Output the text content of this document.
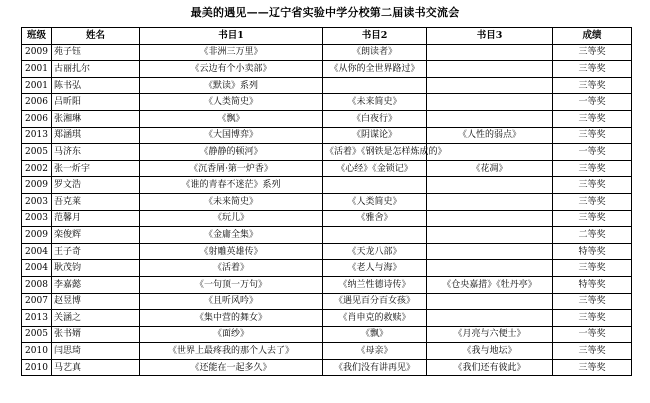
最美的遇见——辽宁省实验中学分校第二届读书交流会
班级	姓名	书目1	书目2	书目3	成绩
2009	苑子钰	《非洲三万里》	《朗读者》		三等奖
2001	古丽扎尔	《云边有个小卖部》	《从你的全世界路过》		三等奖
2001	陈书弘	《默读》系列			三等奖
2006	吕昕阳	《人类简史》	《未来简史》		一等奖
2006	张湘琳	《飘》	《白夜行》		三等奖
2013	郑涵琪	《大国博弈》	《阴谋论》	《人性的弱点》	三等奖
2005	马济东	《静静的顿河》	《活着》《钢铁是怎样炼成的》		一等奖
2002	张一炘宇	《沉香屑·第一炉香》	《心经》《金锁记》	《花凋》	三等奖
2009	罗文浩	《谁的青春不迷茫》系列			三等奖
2003	吾克莱	《未来简史》	《人类简史》		三等奖
2003	范馨月	《玩儿》	《雅舍》		三等奖
2009	栾俊辉	《金庸全集》			二等奖
2004	王子奇	《射雕英雄传》	《天龙八部》		特等奖
2004	耿茂钧	《活着》	《老人与海》		三等奖
2008	李嘉懿	《一句顶一万句》	《纳兰性德诗传》	《仓央嘉措》《牡丹亭》	特等奖
2007	赵昱博	《且听风吟》	《遇见百分百女孩》		三等奖
2013	关涵之	《集中营的舞女》	《肖申克的救赎》		三等奖
2005	张书婿	《面纱》	《飘》	《月亮与六便士》	一等奖
2010	闫思琦	《世界上最疼我的那个人去了》	《母亲》	《我与地坛》	三等奖
2010	马艺真	《还能在一起多久》	《我们没有讲再见》	《我们还有彼此》	三等奖
